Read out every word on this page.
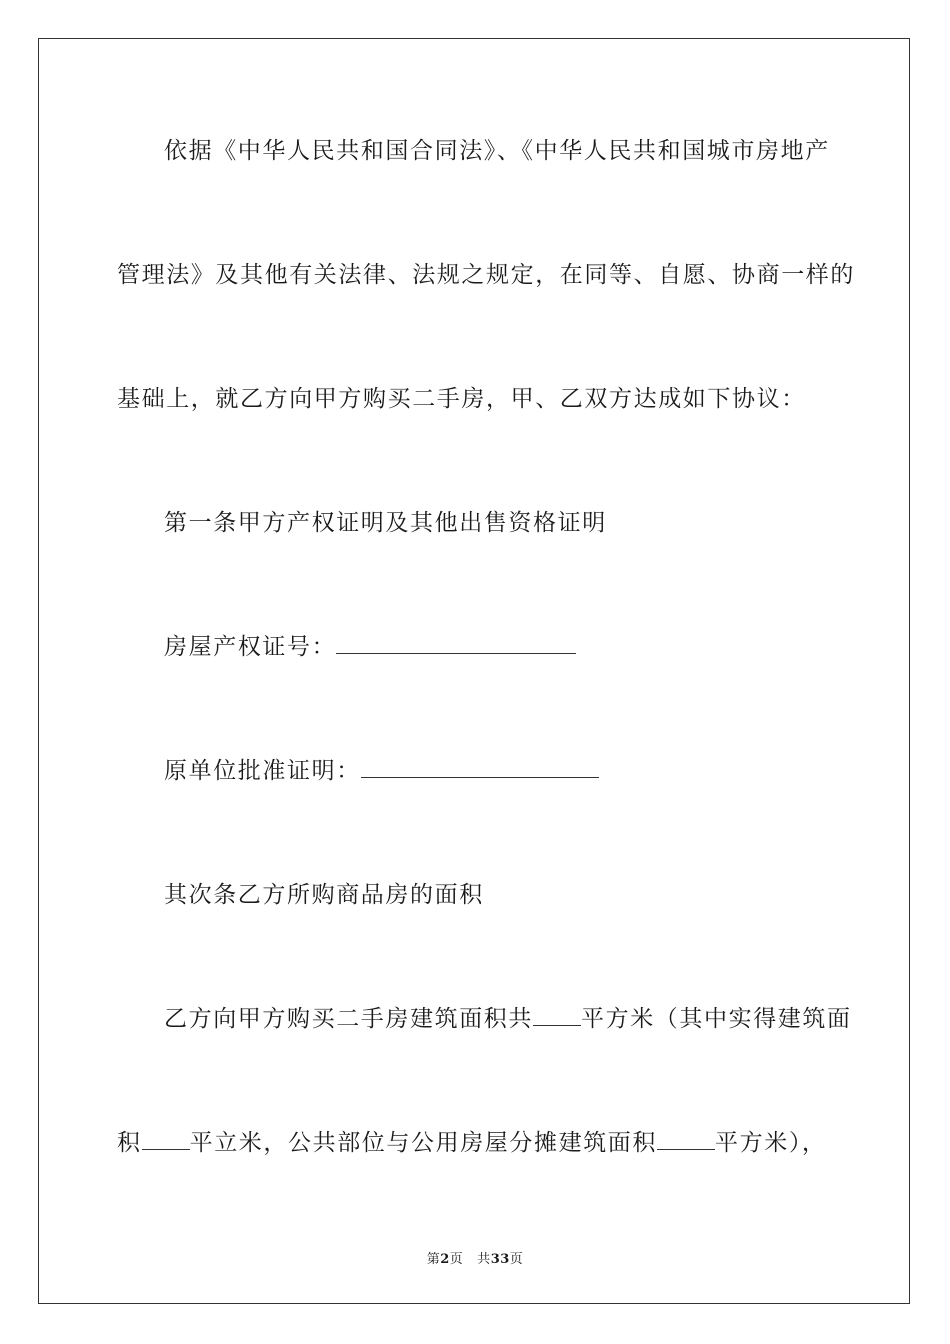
依据《中华人民共和国合同法》、《中华人民共和国城市房地产
管理法》及其他有关法律、法规之规定，在同等、自愿、协商一样的
基础上，就乙方向甲方购买二手房，甲、乙双方达成如下协议：
第一条甲方产权证明及其他出售资格证明
房屋产权证号：
原单位批准证明：
其次条乙方所购商品房的面积
乙方向甲方购买二手房建筑面积共 平方米（其中实得建筑面
积 平立米，公共部位与公用房屋分摊建筑面积	平方米），
第2页 共33页
